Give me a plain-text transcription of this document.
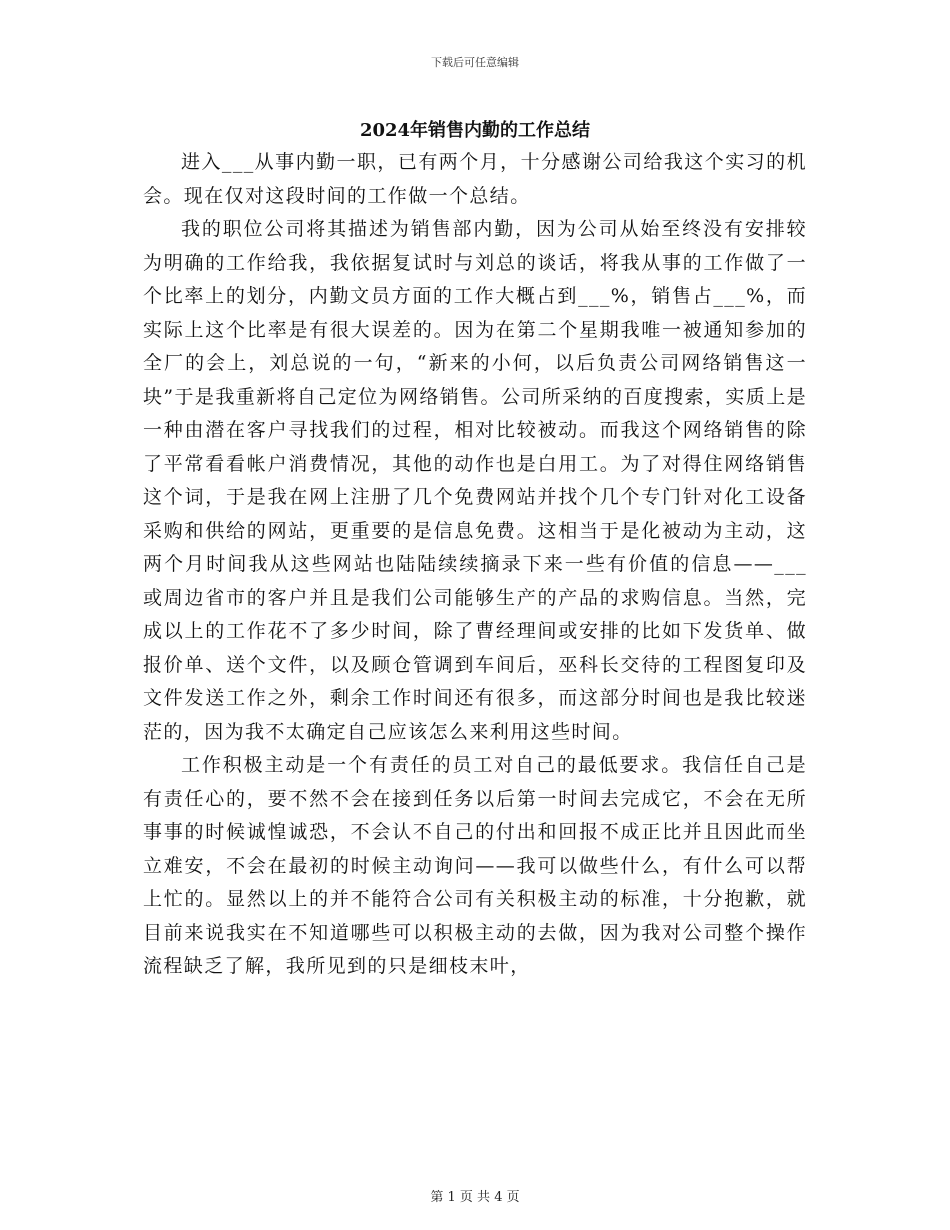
下载后可任意编辑
2024年销售内勤的工作总结

进入___从事内勤一职，已有两个月，十分感谢公司给我这个实习的机会。现在仅对这段时间的工作做一个总结。

我的职位公司将其描述为销售部内勤，因为公司从始至终没有安排较为明确的工作给我，我依据复试时与刘总的谈话，将我从事的工作做了一个比率上的划分，内勤文员方面的工作大概占到___%，销售占___%，而实际上这个比率是有很大误差的。因为在第二个星期我唯一被通知参加的全厂的会上，刘总说的一句，“新来的小何，以后负责公司网络销售这一块”于是我重新将自己定位为网络销售。公司所采纳的百度搜索，实质上是一种由潜在客户寻找我们的过程，相对比较被动。而我这个网络销售的除了平常看看帐户消费情况，其他的动作也是白用工。为了对得住网络销售这个词，于是我在网上注册了几个免费网站并找个几个专门针对化工设备采购和供给的网站，更重要的是信息免费。这相当于是化被动为主动，这两个月时间我从这些网站也陆陆续续摘录下来一些有价值的信息——___或周边省市的客户并且是我们公司能够生产的产品的求购信息。当然，完成以上的工作花不了多少时间，除了曹经理间或安排的比如下发货单、做报价单、送个文件，以及顾仓管调到车间后，巫科长交待的工程图复印及文件发送工作之外，剩余工作时间还有很多，而这部分时间也是我比较迷茫的，因为我不太确定自己应该怎么来利用这些时间。

工作积极主动是一个有责任的员工对自己的最低要求。我信任自己是有责任心的，要不然不会在接到任务以后第一时间去完成它，不会在无所事事的时候诚惶诚恐，不会认不自己的付出和回报不成正比并且因此而坐立难安，不会在最初的时候主动询问——我可以做些什么，有什么可以帮上忙的。显然以上的并不能符合公司有关积极主动的标准，十分抱歉，就目前来说我实在不知道哪些可以积极主动的去做，因为我对公司整个操作流程缺乏了解，我所见到的只是细枝末叶，

第 1 页 共 4 页
